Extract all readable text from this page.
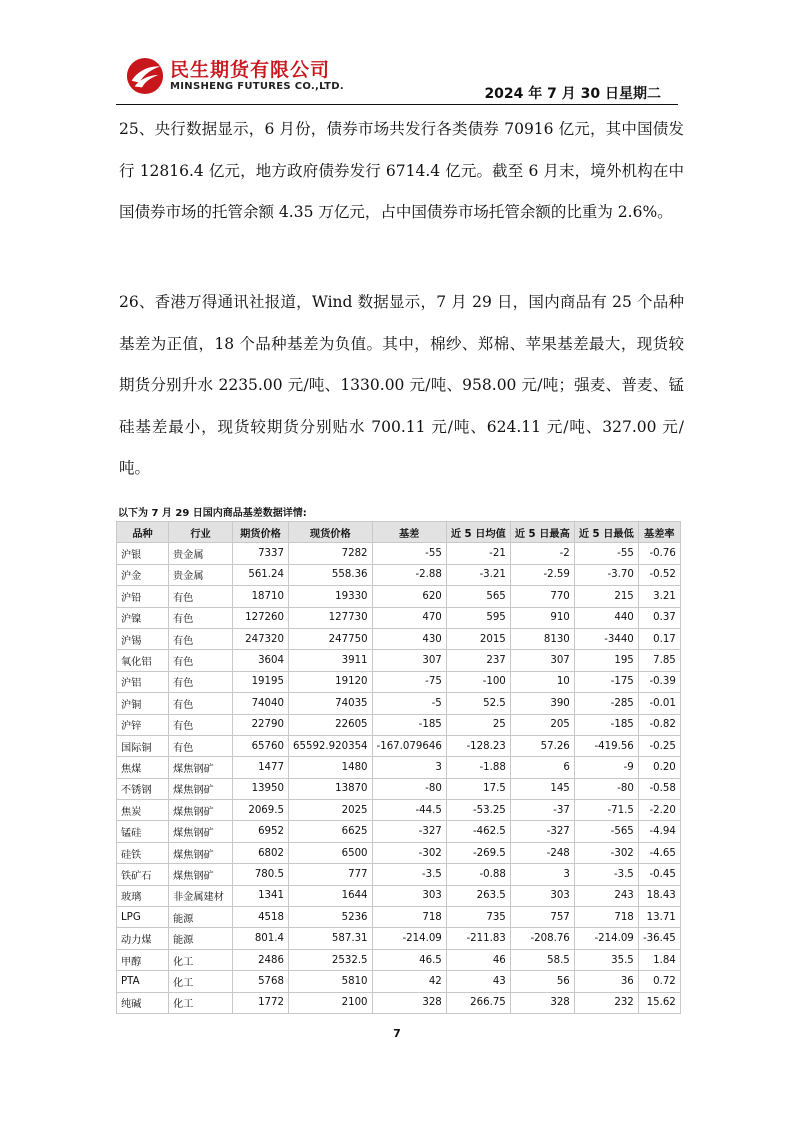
民生期货有限公司
MINSHENG FUTURES CO.,LTD.	2024 年 7 月 30 日星期二
25、央行数据显示，6 月份，债券市场共发行各类债券 70916 亿元，其中国债发行 12816.4 亿元，地方政府债券发行 6714.4 亿元。截至 6 月末，境外机构在中国债券市场的托管余额 4.35 万亿元，占中国债券市场托管余额的比重为 2.6%。
26、香港万得通讯社报道，Wind 数据显示，7 月 29 日，国内商品有 25 个品种基差为正值，18 个品种基差为负值。其中，棉纱、郑棉、苹果基差最大，现货较期货分别升水 2235.00 元/吨、1330.00 元/吨、958.00 元/吨；强麦、普麦、锰硅基差最小，现货较期货分别贴水 700.11 元/吨、624.11 元/吨、327.00 元/吨。
以下为 7 月 29 日国内商品基差数据详情:
品种	行业	期货价格	现货价格	基差	近 5 日均值	近 5 日最高	近 5 日最低	基差率
沪银	贵金属	7337	7282	-55	-21	-2	-55	-0.76
沪金	贵金属	561.24	558.36	-2.88	-3.21	-2.59	-3.70	-0.52
沪铅	有色	18710	19330	620	565	770	215	3.21
沪镍	有色	127260	127730	470	595	910	440	0.37
沪锡	有色	247320	247750	430	2015	8130	-3440	0.17
氧化铝	有色	3604	3911	307	237	307	195	7.85
沪铝	有色	19195	19120	-75	-100	10	-175	-0.39
沪铜	有色	74040	74035	-5	52.5	390	-285	-0.01
沪锌	有色	22790	22605	-185	25	205	-185	-0.82
国际铜	有色	65760	65592.920354	-167.079646	-128.23	57.26	-419.56	-0.25
焦煤	煤焦钢矿	1477	1480	3	-1.88	6	-9	0.20
不锈钢	煤焦钢矿	13950	13870	-80	17.5	145	-80	-0.58
焦炭	煤焦钢矿	2069.5	2025	-44.5	-53.25	-37	-71.5	-2.20
锰硅	煤焦钢矿	6952	6625	-327	-462.5	-327	-565	-4.94
硅铁	煤焦钢矿	6802	6500	-302	-269.5	-248	-302	-4.65
铁矿石	煤焦钢矿	780.5	777	-3.5	-0.88	3	-3.5	-0.45
玻璃	非金属建材	1341	1644	303	263.5	303	243	18.43
LPG	能源	4518	5236	718	735	757	718	13.71
动力煤	能源	801.4	587.31	-214.09	-211.83	-208.76	-214.09	-36.45
甲醇	化工	2486	2532.5	46.5	46	58.5	35.5	1.84
PTA	化工	5768	5810	42	43	56	36	0.72
纯碱	化工	1772	2100	328	266.75	328	232	15.62
7
